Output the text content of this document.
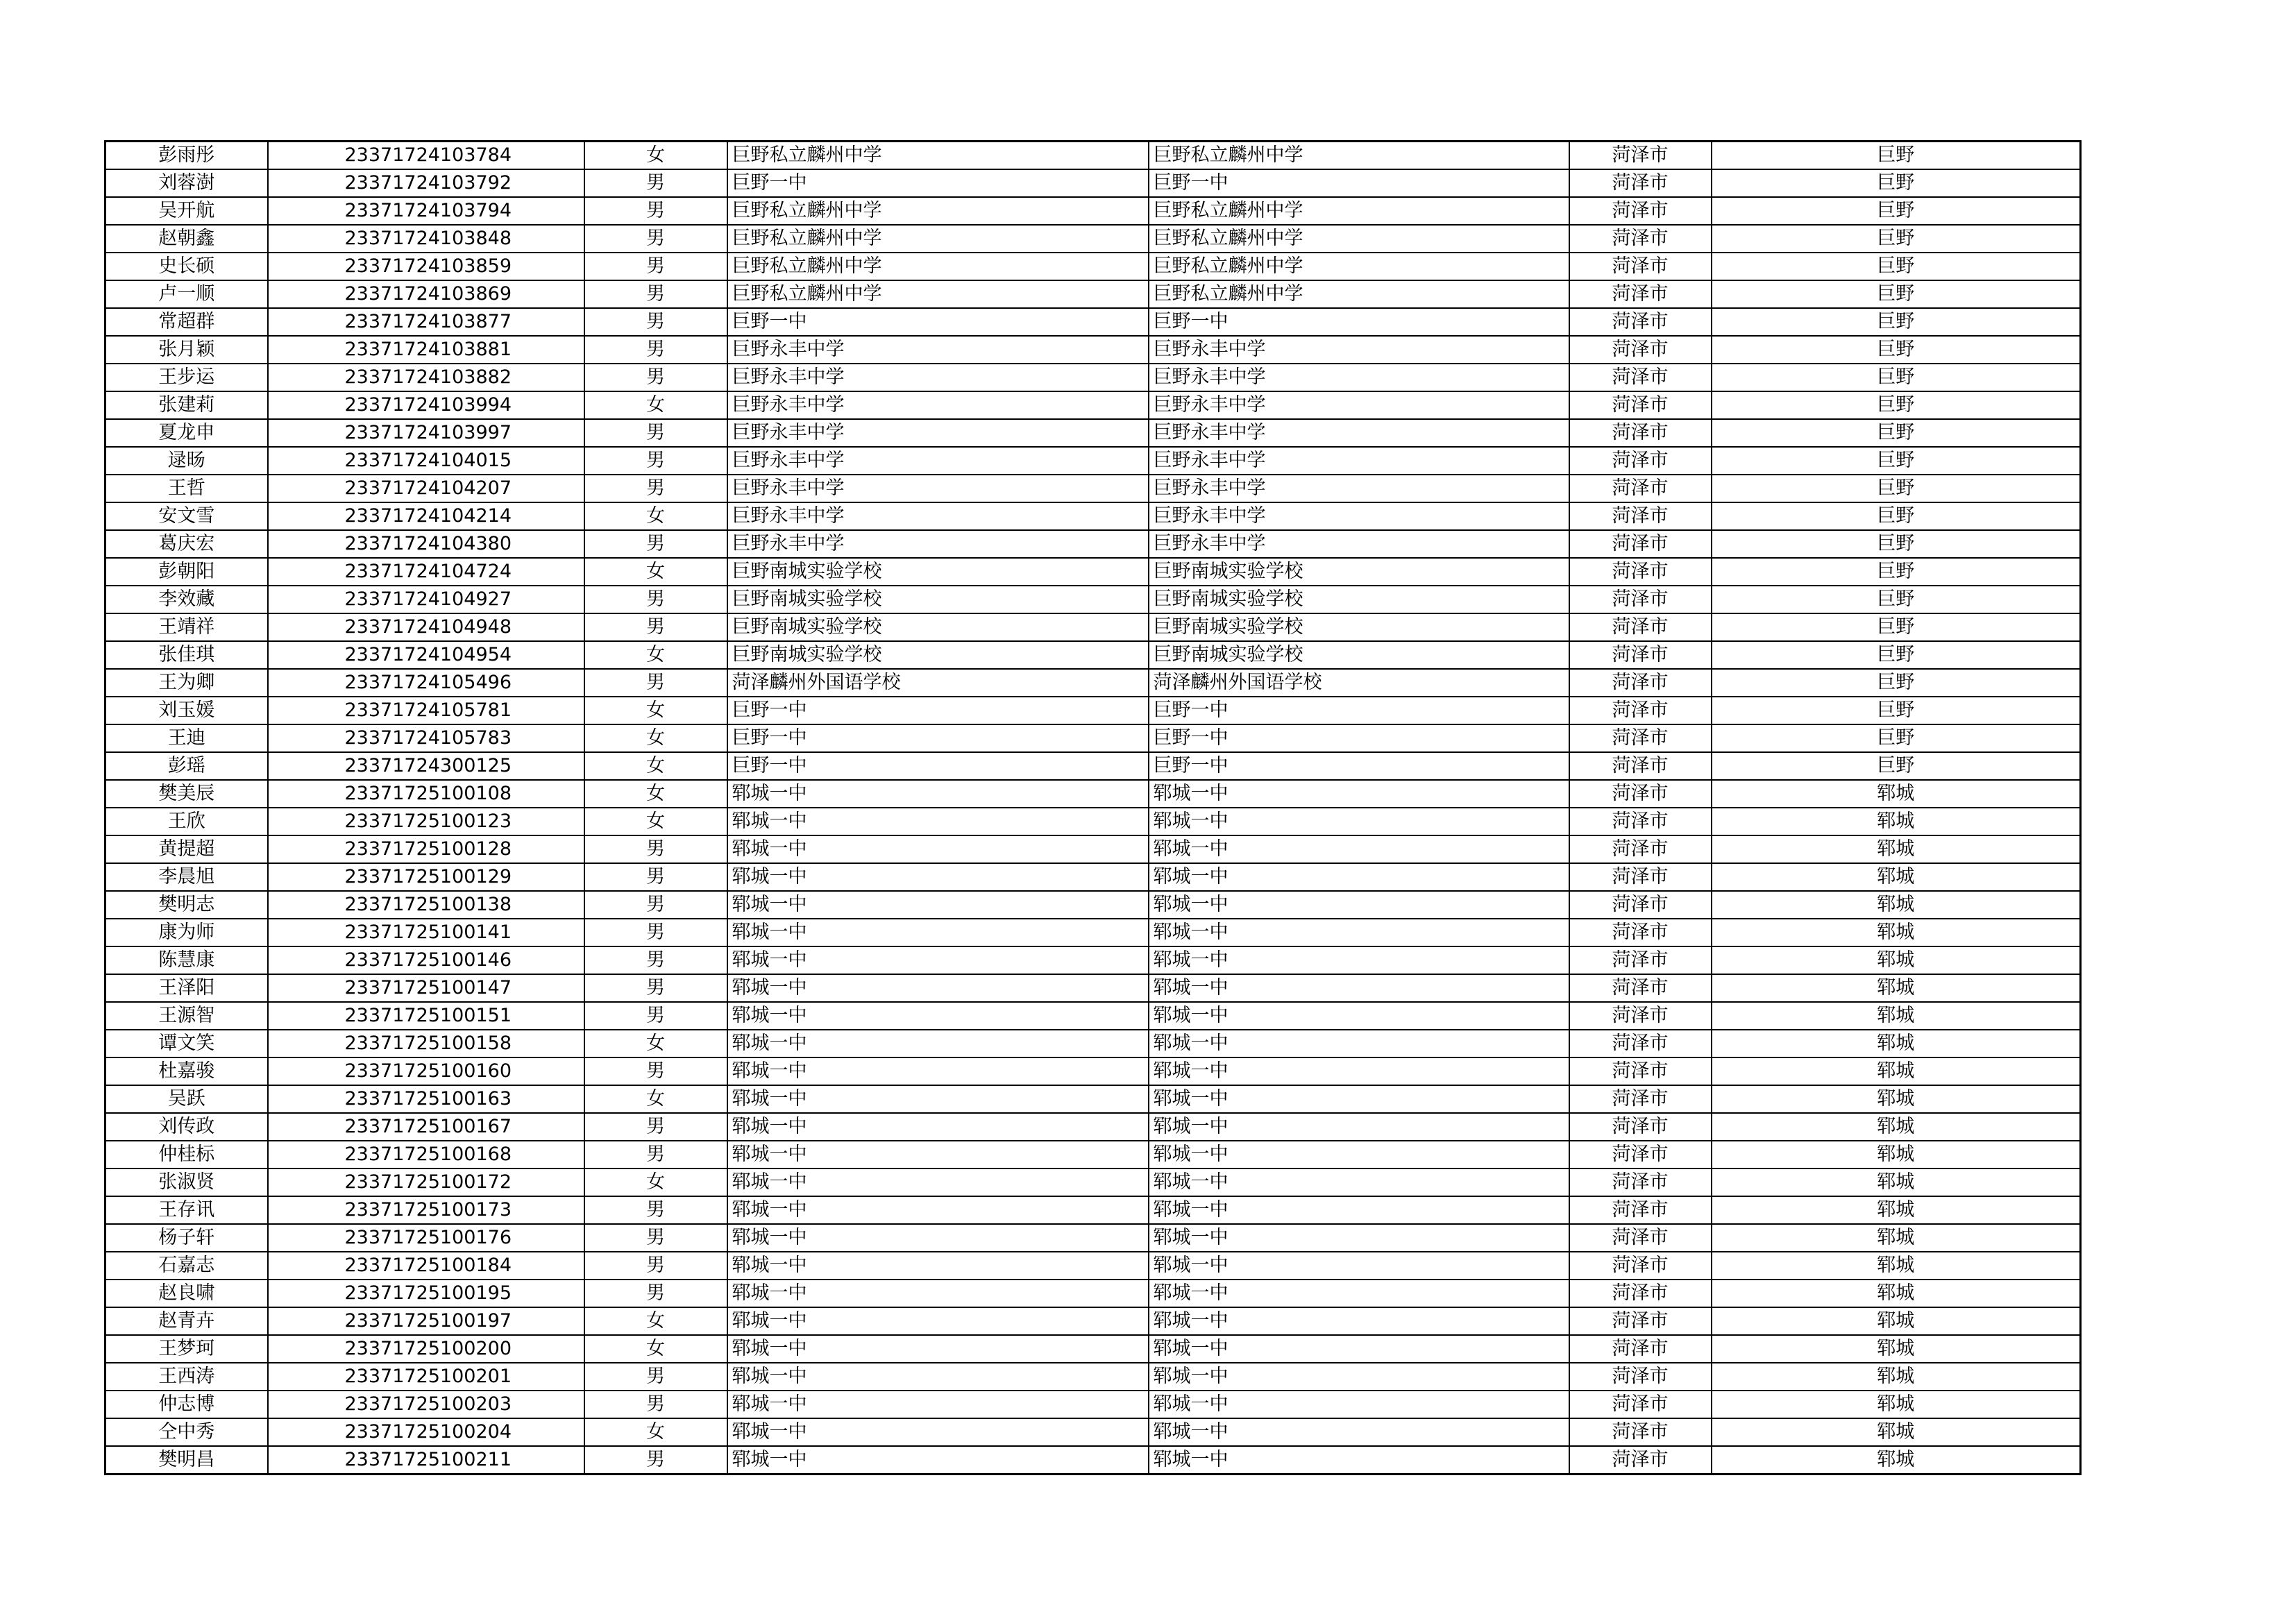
彭雨彤	23371724103784	女	巨野私立麟州中学	巨野私立麟州中学	菏泽市	巨野
刘蓉澍	23371724103792	男	巨野一中	巨野一中	菏泽市	巨野
吴开航	23371724103794	男	巨野私立麟州中学	巨野私立麟州中学	菏泽市	巨野
赵朝鑫	23371724103848	男	巨野私立麟州中学	巨野私立麟州中学	菏泽市	巨野
史长硕	23371724103859	男	巨野私立麟州中学	巨野私立麟州中学	菏泽市	巨野
卢一顺	23371724103869	男	巨野私立麟州中学	巨野私立麟州中学	菏泽市	巨野
常超群	23371724103877	男	巨野一中	巨野一中	菏泽市	巨野
张月颖	23371724103881	男	巨野永丰中学	巨野永丰中学	菏泽市	巨野
王步运	23371724103882	男	巨野永丰中学	巨野永丰中学	菏泽市	巨野
张建莉	23371724103994	女	巨野永丰中学	巨野永丰中学	菏泽市	巨野
夏龙申	23371724103997	男	巨野永丰中学	巨野永丰中学	菏泽市	巨野
逯旸	23371724104015	男	巨野永丰中学	巨野永丰中学	菏泽市	巨野
王哲	23371724104207	男	巨野永丰中学	巨野永丰中学	菏泽市	巨野
安文雪	23371724104214	女	巨野永丰中学	巨野永丰中学	菏泽市	巨野
葛庆宏	23371724104380	男	巨野永丰中学	巨野永丰中学	菏泽市	巨野
彭朝阳	23371724104724	女	巨野南城实验学校	巨野南城实验学校	菏泽市	巨野
李效藏	23371724104927	男	巨野南城实验学校	巨野南城实验学校	菏泽市	巨野
王靖祥	23371724104948	男	巨野南城实验学校	巨野南城实验学校	菏泽市	巨野
张佳琪	23371724104954	女	巨野南城实验学校	巨野南城实验学校	菏泽市	巨野
王为卿	23371724105496	男	菏泽麟州外国语学校	菏泽麟州外国语学校	菏泽市	巨野
刘玉媛	23371724105781	女	巨野一中	巨野一中	菏泽市	巨野
王迪	23371724105783	女	巨野一中	巨野一中	菏泽市	巨野
彭瑶	23371724300125	女	巨野一中	巨野一中	菏泽市	巨野
樊美辰	23371725100108	女	郓城一中	郓城一中	菏泽市	郓城
王欣	23371725100123	女	郓城一中	郓城一中	菏泽市	郓城
黄提超	23371725100128	男	郓城一中	郓城一中	菏泽市	郓城
李晨旭	23371725100129	男	郓城一中	郓城一中	菏泽市	郓城
樊明志	23371725100138	男	郓城一中	郓城一中	菏泽市	郓城
康为师	23371725100141	男	郓城一中	郓城一中	菏泽市	郓城
陈慧康	23371725100146	男	郓城一中	郓城一中	菏泽市	郓城
王泽阳	23371725100147	男	郓城一中	郓城一中	菏泽市	郓城
王源智	23371725100151	男	郓城一中	郓城一中	菏泽市	郓城
谭文笑	23371725100158	女	郓城一中	郓城一中	菏泽市	郓城
杜嘉骏	23371725100160	男	郓城一中	郓城一中	菏泽市	郓城
吴跃	23371725100163	女	郓城一中	郓城一中	菏泽市	郓城
刘传政	23371725100167	男	郓城一中	郓城一中	菏泽市	郓城
仲桂标	23371725100168	男	郓城一中	郓城一中	菏泽市	郓城
张淑贤	23371725100172	女	郓城一中	郓城一中	菏泽市	郓城
王存讯	23371725100173	男	郓城一中	郓城一中	菏泽市	郓城
杨子轩	23371725100176	男	郓城一中	郓城一中	菏泽市	郓城
石嘉志	23371725100184	男	郓城一中	郓城一中	菏泽市	郓城
赵良啸	23371725100195	男	郓城一中	郓城一中	菏泽市	郓城
赵青卉	23371725100197	女	郓城一中	郓城一中	菏泽市	郓城
王梦珂	23371725100200	女	郓城一中	郓城一中	菏泽市	郓城
王西涛	23371725100201	男	郓城一中	郓城一中	菏泽市	郓城
仲志博	23371725100203	男	郓城一中	郓城一中	菏泽市	郓城
仝中秀	23371725100204	女	郓城一中	郓城一中	菏泽市	郓城
樊明昌	23371725100211	男	郓城一中	郓城一中	菏泽市	郓城
